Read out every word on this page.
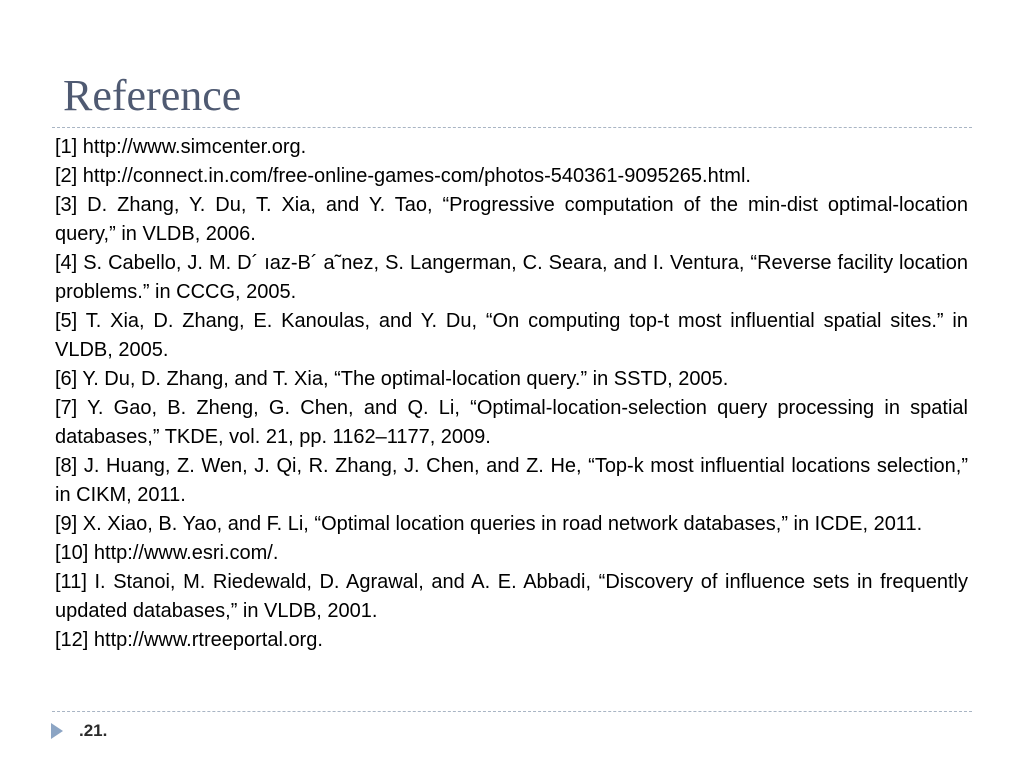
Reference
[1] http://www.simcenter.org.
[2] http://connect.in.com/free-online-games-com/photos-540361-9095265.html.
[3] D. Zhang, Y. Du, T. Xia, and Y. Tao, “Progressive computation of the min-dist optimal-location query,” in VLDB, 2006.
[4] S. Cabello, J. M. D´ ıaz-B´ a˜nez, S. Langerman, C. Seara, and I. Ventura, “Reverse facility location problems.” in CCCG, 2005.
[5] T. Xia, D. Zhang, E. Kanoulas, and Y. Du, “On computing top-t most influential spatial sites.” in VLDB, 2005.
[6] Y. Du, D. Zhang, and T. Xia, “The optimal-location query.” in SSTD, 2005.
[7] Y. Gao, B. Zheng, G. Chen, and Q. Li, “Optimal-location-selection query processing in spatial databases,” TKDE, vol. 21, pp. 1162–1177, 2009.
[8] J. Huang, Z. Wen, J. Qi, R. Zhang, J. Chen, and Z. He, “Top-k most influential locations selection,” in CIKM, 2011.
[9] X. Xiao, B. Yao, and F. Li, “Optimal location queries in road network databases,” in ICDE, 2011.
[10] http://www.esri.com/.
[11] I. Stanoi, M. Riedewald, D. Agrawal, and A. E. Abbadi, “Discovery of influence sets in frequently updated databases,” in VLDB, 2001.
[12] http://www.rtreeportal.org.
.21.
